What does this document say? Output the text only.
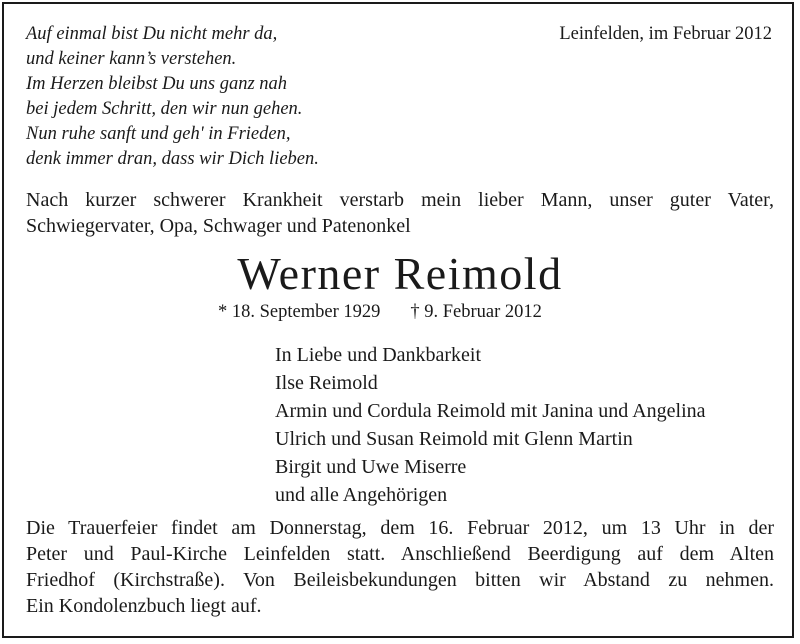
Auf einmal bist Du nicht mehr da,
und keiner kann’s verstehen.
Im Herzen bleibst Du uns ganz nah
bei jedem Schritt, den wir nun gehen.
Nun ruhe sanft und geh' in Frieden,
denk immer dran, dass wir Dich lieben.
Leinfelden, im Februar 2012
Nach kurzer schwerer Krankheit verstarb mein lieber Mann, unser guter Vater,
Schwiegervater, Opa, Schwager und Patenonkel
Werner Reimold
* 18. September 1929 † 9. Februar 2012
In Liebe und Dankbarkeit
Ilse Reimold
Armin und Cordula Reimold mit Janina und Angelina
Ulrich und Susan Reimold mit Glenn Martin
Birgit und Uwe Miserre
und alle Angehörigen
Die Trauerfeier findet am Donnerstag, dem 16. Februar 2012, um 13 Uhr in der
Peter und Paul-Kirche Leinfelden statt. Anschließend Beerdigung auf dem Alten
Friedhof (Kirchstraße). Von Beileisbekundungen bitten wir Abstand zu nehmen.
Ein Kondolenzbuch liegt auf.
